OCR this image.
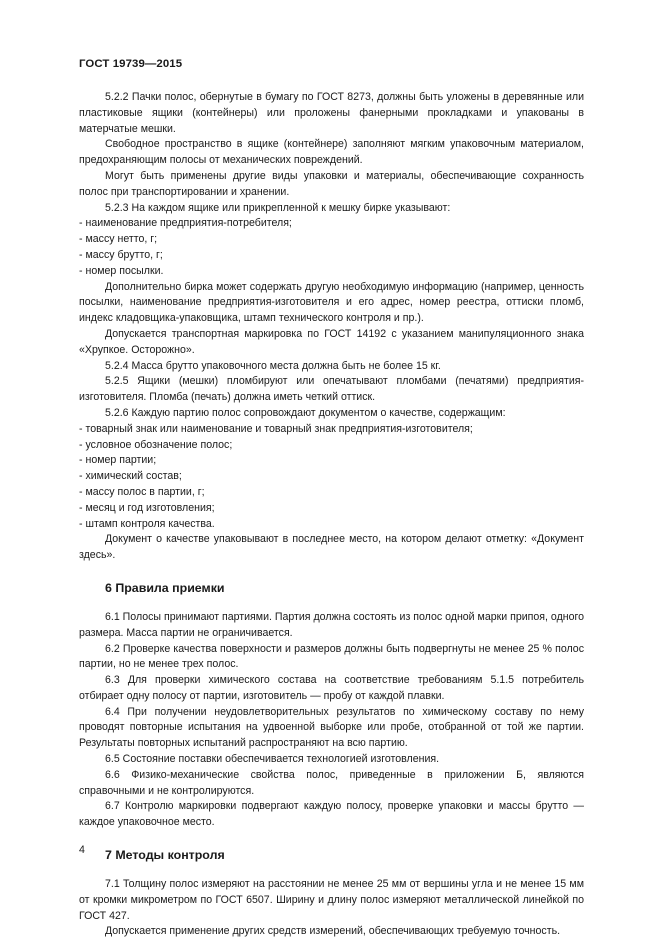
ГОСТ 19739—2015

5.2.2 Пачки полос, обернутые в бумагу по ГОСТ 8273, должны быть уложены в деревянные или пластиковые ящики (контейнеры) или проложены фанерными прокладками и упакованы в матерчатые мешки.

Свободное пространство в ящике (контейнере) заполняют мягким упаковочным материалом, предохраняющим полосы от механических повреждений.

Могут быть применены другие виды упаковки и материалы, обеспечивающие сохранность полос при транспортировании и хранении.

5.2.3 На каждом ящике или прикрепленной к мешку бирке указывают:

- наименование предприятия-потребителя;

- массу нетто, г;

- массу брутто, г;

- номер посылки.

Дополнительно бирка может содержать другую необходимую информацию (например, ценность посылки, наименование предприятия-изготовителя и его адрес, номер реестра, оттиски пломб, индекс кладовщика-упаковщика, штамп технического контроля и пр.).

Допускается транспортная маркировка по ГОСТ 14192 с указанием манипуляционного знака «Хрупкое. Осторожно».

5.2.4 Масса брутто упаковочного места должна быть не более 15 кг.

5.2.5 Ящики (мешки) пломбируют или опечатывают пломбами (печатями) предприятия-изготовителя. Пломба (печать) должна иметь четкий оттиск.

5.2.6 Каждую партию полос сопровождают документом о качестве, содержащим:

- товарный знак или наименование и товарный знак предприятия-изготовителя;

- условное обозначение полос;

- номер партии;

- химический состав;

- массу полос в партии, г;

- месяц и год изготовления;

- штамп контроля качества.

Документ о качестве упаковывают в последнее место, на котором делают отметку: «Документ здесь».

6 Правила приемки

6.1 Полосы принимают партиями. Партия должна состоять из полос одной марки припоя, одного размера. Масса партии не ограничивается.

6.2 Проверке качества поверхности и размеров должны быть подвергнуты не менее 25 % полос партии, но не менее трех полос.

6.3 Для проверки химического состава на соответствие требованиям 5.1.5 потребитель отбирает одну полосу от партии, изготовитель — пробу от каждой плавки.

6.4 При получении неудовлетворительных результатов по химическому составу по нему проводят повторные испытания на удвоенной выборке или пробе, отобранной от той же партии. Результаты повторных испытаний распространяют на всю партию.

6.5 Состояние поставки обеспечивается технологией изготовления.

6.6 Физико-механические свойства полос, приведенные в приложении Б, являются справочными и не контролируются.

6.7 Контролю маркировки подвергают каждую полосу, проверке упаковки и массы брутто — каждое упаковочное место.

7 Методы контроля

7.1 Толщину полос измеряют на расстоянии не менее 25 мм от вершины угла и не менее 15 мм от кромки микрометром по ГОСТ 6507. Ширину и длину полос измеряют металлической линейкой по ГОСТ 427.

Допускается применение других средств измерений, обеспечивающих требуемую точность.

4
